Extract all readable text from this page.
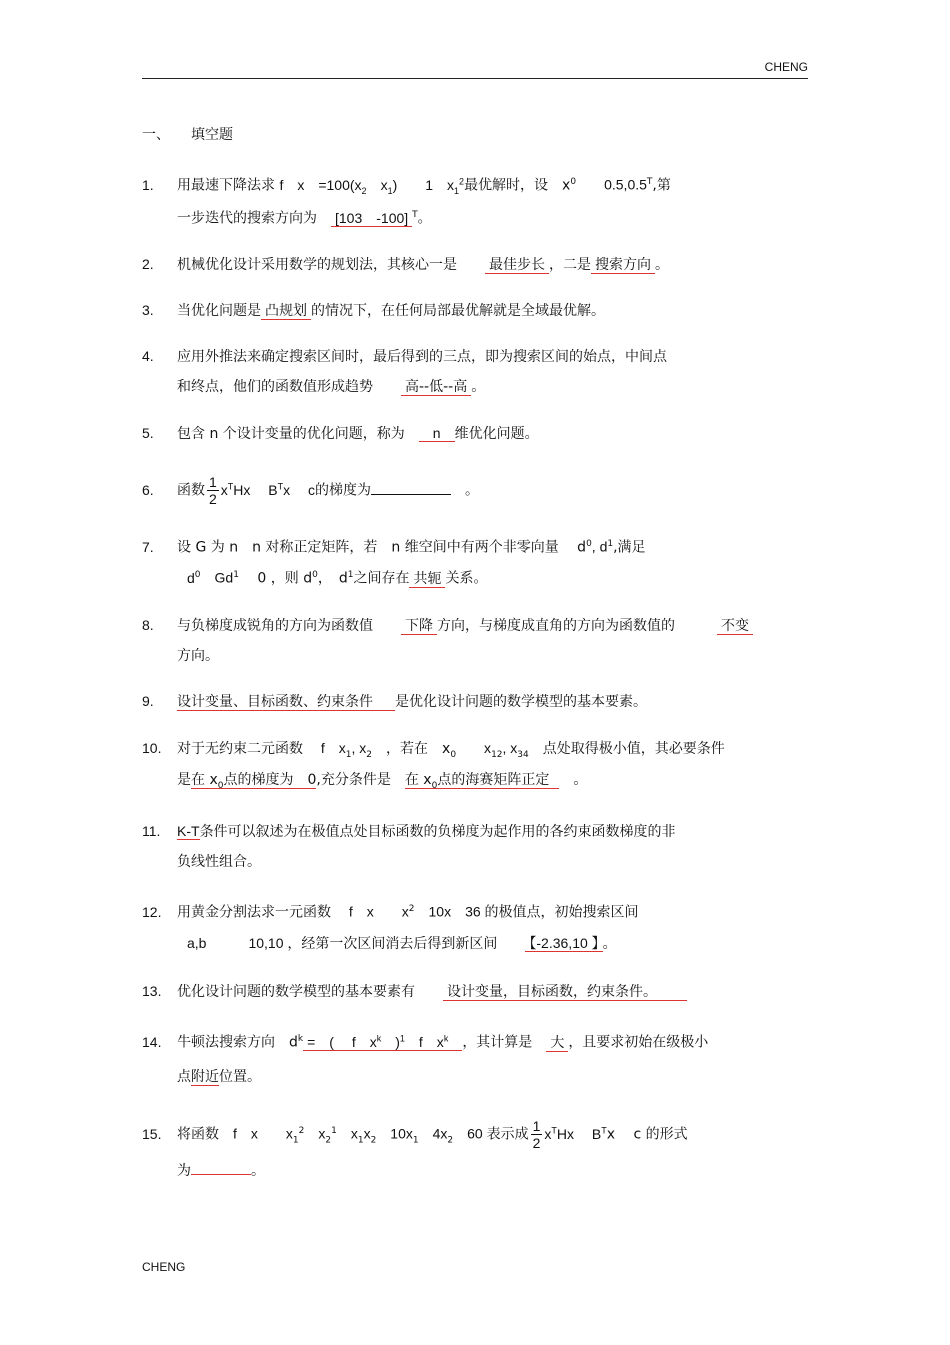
CHENG
一、　　填空题
1. 用最速下降法求 f　x　$=100(x_2$　 $x_1$)　　1　$x_1^2$最优解时，设　$x^0$　　$0.5,0.5^T$,第
一步迭代的搜索方向为　 [103　-100] $^T$。
2. 机械优化设计采用数学的规划法，其核心一是　　 最佳步长 ，二是 搜索方向 。
3. 当优化问题是 凸规划 的情况下，在任何局部最优解就是全域最优解。
4. 应用外推法来确定搜索区间时，最后得到的三点，即为搜索区间的始点，中间点
和终点，他们的函数值形成趋势　　 高--低--高 。
5. 包含 n 个设计变量的优化问题，称为　 n 维优化问题。
6. 函数 $\frac{1}{2} x^THx$　 $B^Tx$　 c的梯度为　	。
7. 设 G 为 n　n 对称正定矩阵，若　n 维空间中有两个非零向量　 $d^0$, $d^1$,满足
$d^0$　Gd$^1$　 0 ，则 $d^0$，　$d^1$之间存在 共轭 关系。
8. 与负梯度成锐角的方向为函数值　　 下降 方向，与梯度成直角的方向为函数值的　　　	不变
方向。
9. 设计变量、目标函数、约束条件 是优化设计问题的数学模型的基本要素。
10. 对于无约束二元函数　 f　$x_1$, $x_2$　，若在　$x_0$　　$x_{12}$, $x_{34}$　点处取得极小值，其必要条件
是在 $x_0$点的梯度为　0,充分条件是　 在 $x_0$点的海赛矩阵正定　 。
11. K-T条件可以叙述为在极值点处目标函数的负梯度为起作用的各约束函数梯度的非
负线性组合。
12. 用黄金分割法求一元函数　 f　x　　$x^2$　10x　36 的极值点，初始搜索区间
a,b　　　10,10 ，经第一次区间消去后得到新区间　　 【-2.36,10 】 。
13. 优化设计问题的数学模型的基本要素有　　 设计变量，目标函数，约束条件。
14. 牛顿法搜索方向　$d^k$ =　(　 f　$x^k$　)$^1$　f　$x^k$ ，其计算是　 大 ，且要求初始在级极小
点附近位置。
15. 将函数　f　x　　$x_1^2$　$x_2^1$　$x_1x_2$　$10x_1$　$4x_2$　60 表示成 $\frac{1}{2} x^THx$　 $B^Tx$　 c 的形式
为	。
CHENG
